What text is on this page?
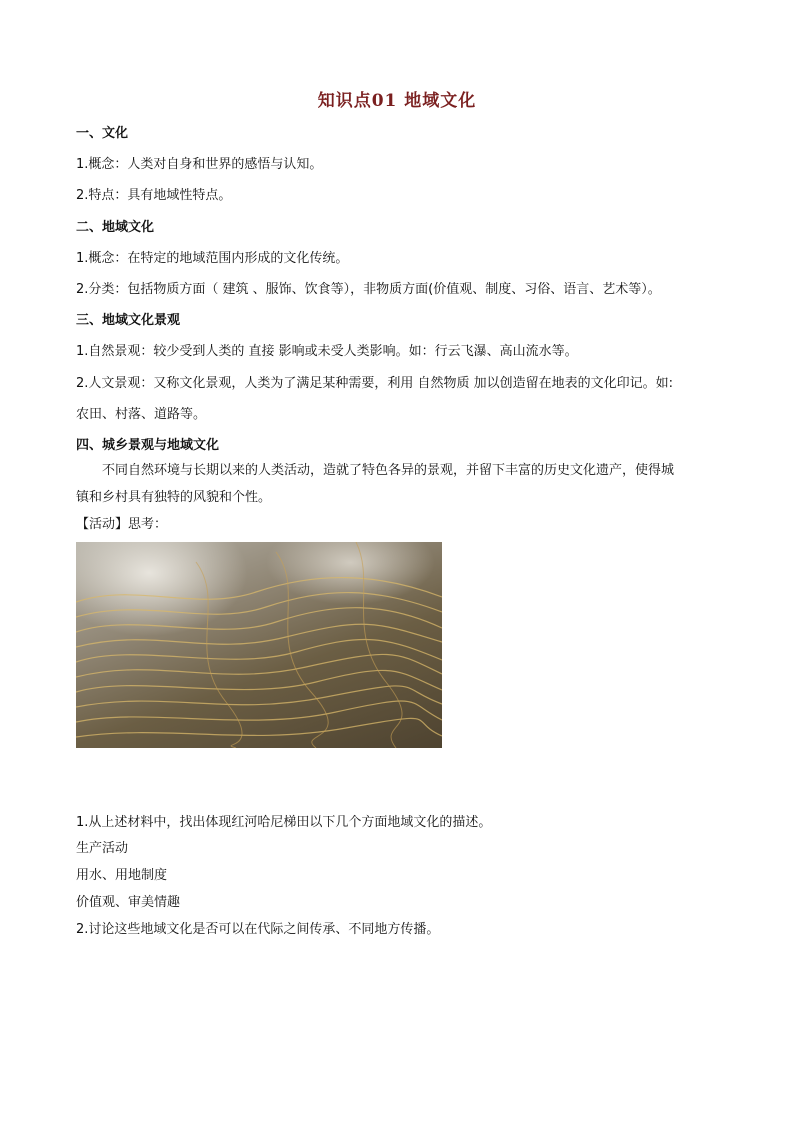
知识点01 地域文化
一、文化
1.概念：人类对自身和世界的感悟与认知。
2.特点：具有地域性特点。
二、地域文化
1.概念：在特定的地域范围内形成的文化传统。
2.分类：包括物质方面（ 建筑 、服饰、饮食等），非物质方面(价值观、制度、习俗、语言、艺术等）。
三、地域文化景观
1.自然景观：较少受到人类的 直接 影响或未受人类影响。如：行云飞瀑、高山流水等。
2.人文景观：又称文化景观，人类为了满足某种需要，利用 自然物质 加以创造留在地表的文化印记。如:
农田、村落、道路等。
四、城乡景观与地域文化
不同自然环境与长期以来的人类活动，造就了特色各异的景观，并留下丰富的历史文化遗产，使得城
镇和乡村具有独特的风貌和个性。
【活动】思考：
1.从上述材料中，找出体现红河哈尼梯田以下几个方面地域文化的描述。
生产活动
用水、用地制度
价值观、审美情趣
2.讨论这些地域文化是否可以在代际之间传承、不同地方传播。
